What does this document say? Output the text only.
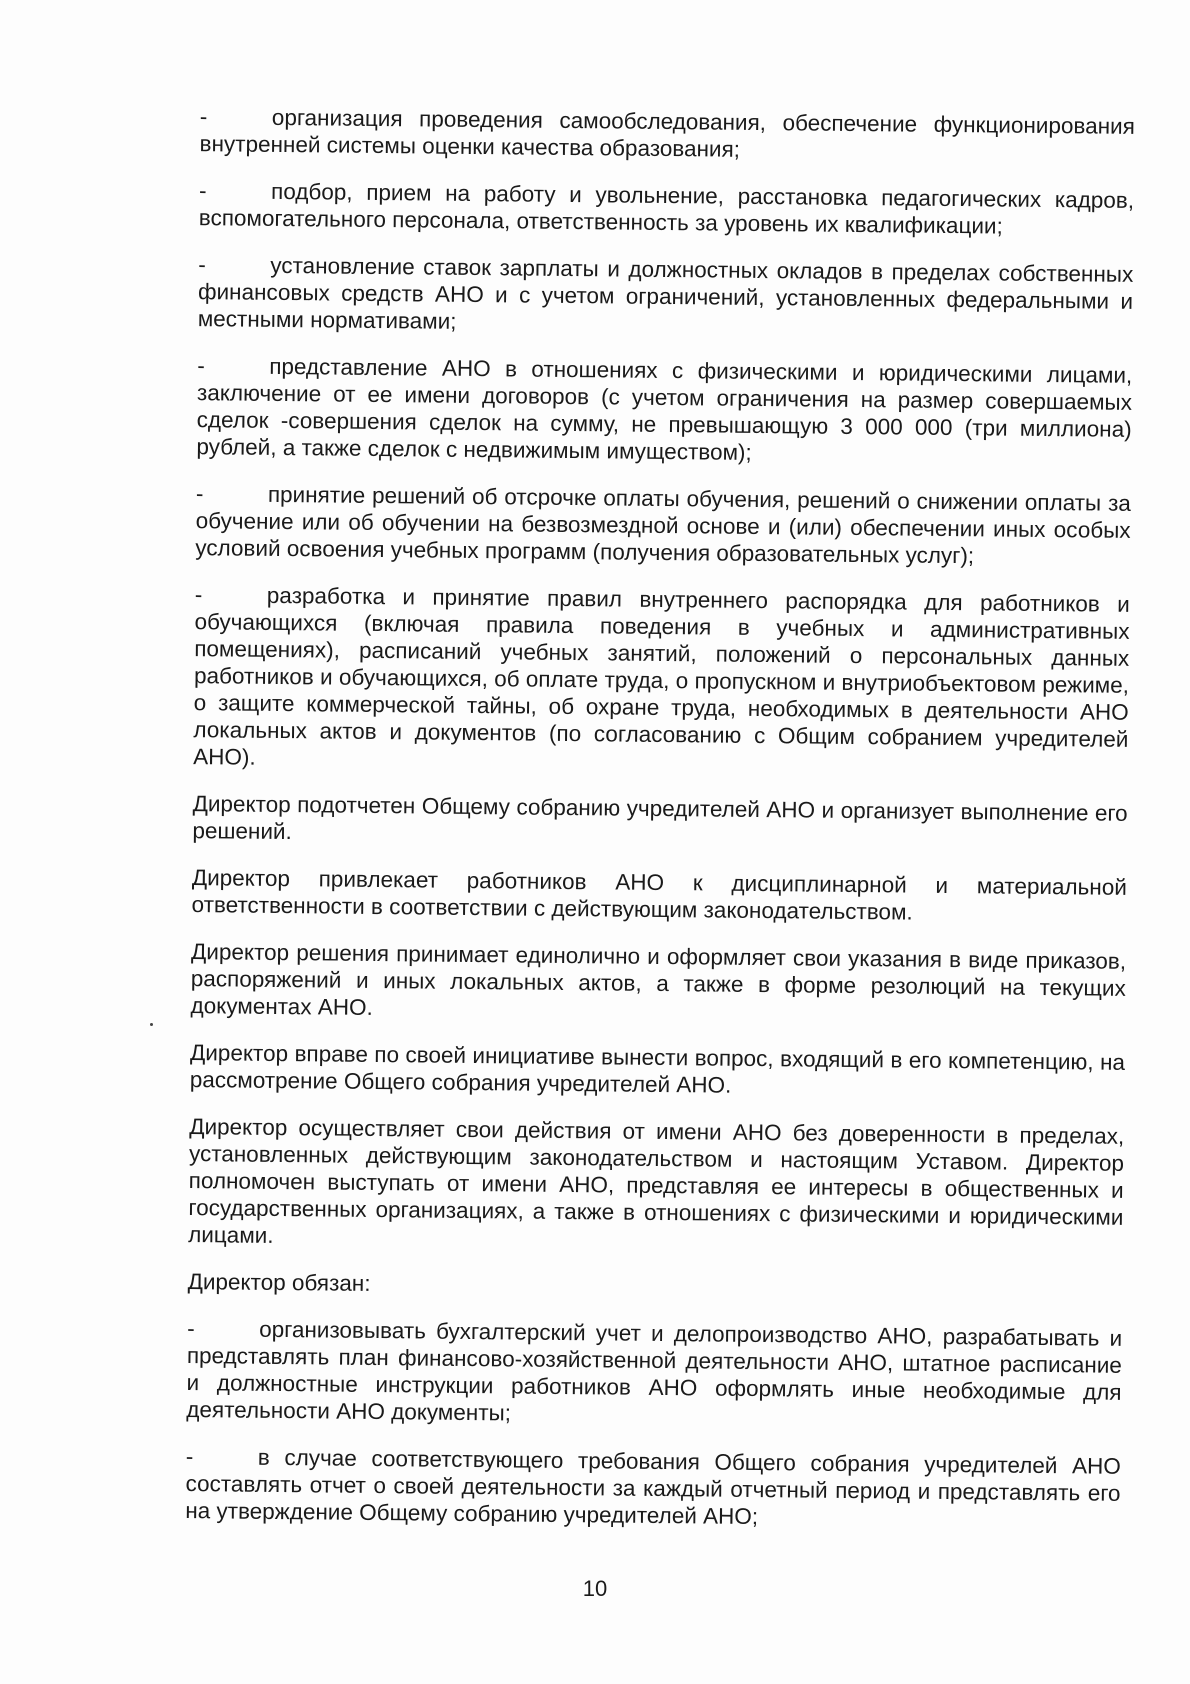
-	организация проведения самообследования, обеспечение функционирования внутренней системы оценки качества образования;

-	подбор, прием на работу и увольнение, расстановка педагогических кадров, вспомогательного персонала, ответственность за уровень их квалификации;

-	установление ставок зарплаты и должностных окладов в пределах собственных финансовых средств АНО и с учетом ограничений, установленных федеральными и местными нормативами;

-	представление АНО в отношениях с физическими и юридическими лицами, заключение от ее имени договоров (с учетом ограничения на размер совершаемых сделок -совершения сделок на сумму, не превышающую 3 000 000 (три миллиона) рублей, а также сделок с недвижимым имуществом);

-	принятие решений об отсрочке оплаты обучения, решений о снижении оплаты за обучение или об обучении на безвозмездной основе и (или) обеспечении иных особых условий освоения учебных программ (получения образовательных услуг);

-	разработка и принятие правил внутреннего распорядка для работников и обучающихся (включая правила поведения в учебных и административных помещениях), расписаний учебных занятий, положений о персональных данных работников и обучающихся, об оплате труда, о пропускном и внутриобъектовом режиме, о защите коммерческой тайны, об охране труда, необходимых в деятельности АНО локальных актов и документов (по согласованию с Общим собранием учредителей АНО).

Директор подотчетен Общему собранию учредителей АНО и организует выполнение его решений.

Директор привлекает работников АНО к дисциплинарной и материальной ответственности в соответствии с действующим законодательством.

Директор решения принимает единолично и оформляет свои указания в виде приказов, распоряжений и иных локальных актов, а также в форме резолюций на текущих документах АНО.

Директор вправе по своей инициативе вынести вопрос, входящий в его компетенцию, на рассмотрение Общего собрания учредителей АНО.

Директор осуществляет свои действия от имени АНО без доверенности в пределах, установленных действующим законодательством и настоящим Уставом. Директор полномочен выступать от имени АНО, представляя ее интересы в общественных и государственных организациях, а также в отношениях с физическими и юридическими лицами.

Директор обязан:

-	организовывать бухгалтерский учет и делопроизводство АНО, разрабатывать и представлять план финансово-хозяйственной деятельности АНО, штатное расписание и должностные инструкции работников АНО оформлять иные необходимые для деятельности АНО документы;

-	в случае соответствующего требования Общего собрания учредителей АНО составлять отчет о своей деятельности за каждый отчетный период и представлять его на утверждение Общему собранию учредителей АНО;

10
